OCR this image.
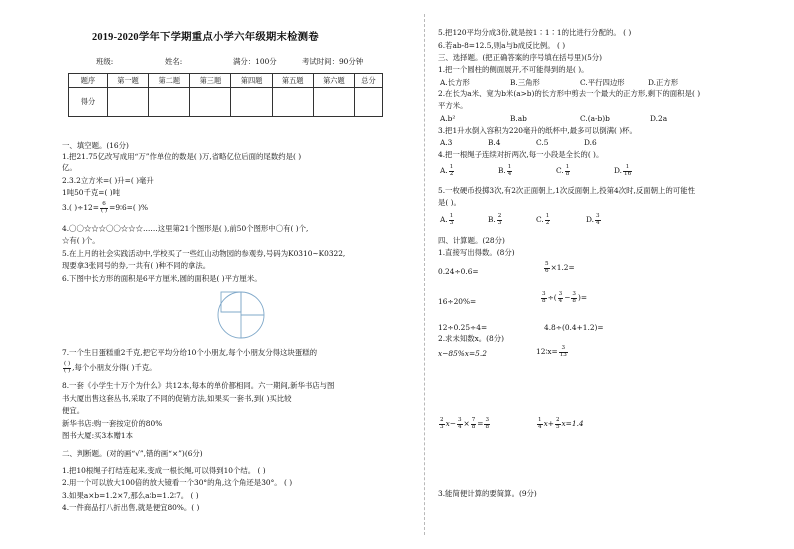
2019-2020学年下学期重点小学六年级期末检测卷
班级:	姓名:	满分：100分	考试时间：90分钟
题序	第一题	第二题	第三题	第四题	第五题	第六题	总分
得分							
一、填空题。(16分)
1.把21.75亿改写成用“万”作单位的数是( )万,省略亿位后面的尾数约是( )
亿。
2.3.2立方米=( )升=( )毫升
1吨50千克=( )吨
3.( )$\div 12= \frac{6}{( )}$ =9∶6=( )%
4.〇〇☆☆☆〇〇☆☆☆……这里第21个图形是( ),前50个图形中〇有( )个,
☆有( )个。
5.在上月的社会实践活动中,学校买了一些红山动物园的参观券,号码为K0310~K0322,
现要拿3张同号的券,一共有( )种不同的拿法。
6.下图中长方形的面积是6平方厘米,圆的面积是( )平方厘米。
7.一个生日蛋糕重2千克,把它平均分给10个小朋友,每个小朋友分得这块蛋糕的
$\frac{( )}{( )}$ ,每个小朋友分得( )千克。
8.一套《小学生十万个为什么》共12本,每本的单价都相同。六一期间,新华书店与图
书大厦出售这套丛书,采取了不同的促销方法,如果买一套书,到( )买比较
便宜。
新华书店:购一套按定价的80%
图书大厦:买3本赠1本
二、判断题。(对的画“√”,错的画“×”)(6分)
1.把10根绳子打结连起来,变成一根长绳,可以得到10个结。 ( )
2.用一个可以放大100倍的放大镜看一个30°的角,这个角还是30°。 ( )
3.如果a×b=1.2×7,那么a∶b=1.2∶7。 ( )
4.一件商品打八折出售,就是便宜80%。( )
5.把120平均分成3份,就是按1∶1∶1的比进行分配的。 ( )
6.若ab-8=12.5,则a与b成反比例。 ( )
三、选择题。(把正确答案的序号填在括号里)(5分)
1.把一个圆柱的侧面展开,不可能得到的是( )。
A.长方形	B.三角形	C.平行四边形	D.正方形
2.在长为a米、宽为b米(a>b)的长方形中剪去一个最大的正方形,剩下的面积是( )
平方米。
A.b²	B.ab	C.(a-b)b	D.2a
3.把1升水倒入容积为220毫升的纸杯中,最多可以倒满( )杯。
A.3	B.4	C.5	D.6
4.把一根绳子连续对折两次,每一小段是全长的( )。
A. $\frac{1}{2}$	B. $\frac{1}{4}$	C. $\frac{1}{8}$	D. $\frac{1}{16}$
5.一枚硬币投掷3次,有2次正面朝上,1次反面朝上,投第4次时,反面朝上的可能性
是( )。
A. $\frac{1}{3}$	B. $\frac{2}{3}$	C. $\frac{1}{2}$	D. $\frac{3}{4}$
四、计算题。(28分)
1.直接写出得数。(8分)
0.24÷0.6=	$\frac{5}{6} \times 1.2=$
16÷20%=	$\frac{3}{8}$ ÷( $\frac{3}{4} - \frac{3}{8}$ )=
12÷0.25÷4=	4.8÷(0.4+1.2)=
2.求未知数x。(8分)
x−85%x=5.2	12∶x= $\frac{3}{13}$
$\frac{2}{3} x- \frac{3}{4} \times \frac{7}{8} = \frac{3}{8}$	$\frac{1}{4} x+ \frac{2}{5} x=1.4$
3.能简便计算的要简算。(9分)
